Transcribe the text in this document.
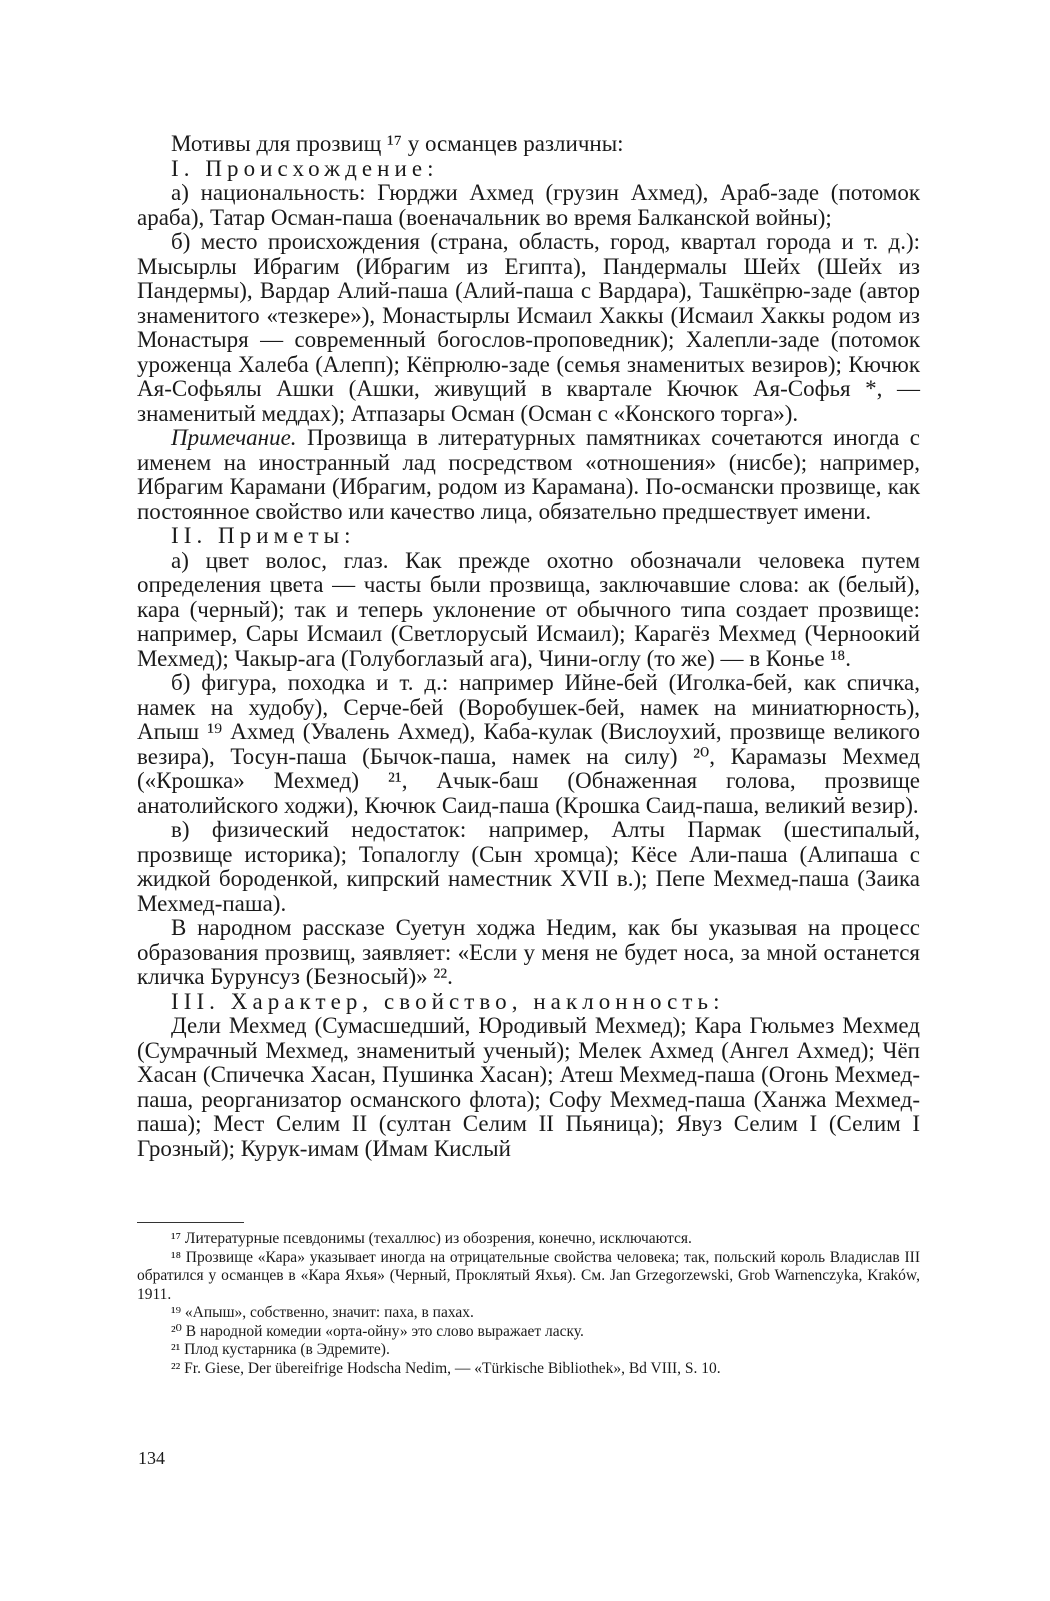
Мотивы для прозвищ ¹⁷ у османцев различны:

I. Происхождение:

а) национальность: Гюрджи Ахмед (грузин Ахмед), Араб-заде (потомок араба), Татар Осман-паша (военачальник во время Балканской войны);

б) место происхождения (страна, область, город, квартал города и т. д.): Мысырлы Ибрагим (Ибрагим из Египта), Пандермалы Шейх (Шейх из Пандермы), Вардар Алий-паша (Алий-паша с Вардара), Ташкёпрю-заде (автор знаменитого «тезкере»), Монастырлы Исмаил Хаккы (Исмаил Хаккы родом из Монастыря — современный богослов-проповедник); Халепли-заде (потомок уроженца Халеба (Алепп); Кёпрюлю-заде (семья знаменитых везиров); Кючюк Ая-Софьялы Ашки (Ашки, живущий в квартале Кючюк Ая-Софья *, — знаменитый меддах); Атпазары Осман (Осман с «Конского торга»).

Примечание. Прозвища в литературных памятниках сочетаются иногда с именем на иностранный лад посредством «отношения» (нисбе); например, Ибрагим Карамани (Ибрагим, родом из Карамана). По-османски прозвище, как постоянное свойство или качество лица, обязательно предшествует имени.

II. Приметы:

а) цвет волос, глаз. Как прежде охотно обозначали человека путем определения цвета — часты были прозвища, заключавшие слова: ак (белый), кара (черный); так и теперь уклонение от обычного типа создает прозвище: например, Сары Исмаил (Светлорусый Исмаил); Карагёз Мехмед (Черноокий Мехмед); Чакыр-ага (Голубоглазый ага), Чини-оглу (то же) — в Конье ¹⁸.

б) фигура, походка и т. д.: например Ийне-бей (Иголка-бей, как спичка, намек на худобу), Серче-бей (Воробушек-бей, намек на миниатюрность), Апыш ¹⁹ Ахмед (Увалень Ахмед), Каба-кулак (Вислоухий, прозвище великого везира), Тосун-паша (Бычок-паша, намек на силу) ²⁰, Карамазы Мехмед («Крошка» Мехмед) ²¹, Ачык-баш (Обнаженная голова, прозвище анатолийского ходжи), Кючюк Саид-паша (Крошка Саид-паша, великий везир).

в) физический недостаток: например, Алты Пармак (шестипалый, прозвище историка); Топалоглу (Сын хромца); Кёсе Али-паша (Алипаша с жидкой бороденкой, кипрский наместник XVII в.); Пепе Мехмед-паша (Заика Мехмед-паша).

В народном рассказе Суетун ходжа Недим, как бы указывая на процесс образования прозвищ, заявляет: «Если у меня не будет носа, за мной останется кличка Бурунсуз (Безносый)» ²².

III. Характер, свойство, наклонность:

Дели Мехмед (Сумасшедший, Юродивый Мехмед); Кара Гюльмез Мехмед (Сумрачный Мехмед, знаменитый ученый); Мелек Ахмед (Ангел Ахмед); Чёп Хасан (Спичечка Хасан, Пушинка Хасан); Атеш Мехмед-паша (Огонь Мехмед-паша, реорганизатор османского флота); Софу Мехмед-паша (Ханжа Мехмед-паша); Мест Селим II (султан Селим II Пьяница); Явуз Селим I (Селим I Грозный); Курук-имам (Имам Кислый

¹⁷ Литературные псевдонимы (техаллюс) из обозрения, конечно, исключаются.

¹⁸ Прозвище «Кара» указывает иногда на отрицательные свойства человека; так, польский король Владислав III обратился у османцев в «Кара Яхья» (Черный, Проклятый Яхья). См. Jan Grzegorzewski, Grob Warnenczyka, Kraków, 1911.

¹⁹ «Апыш», собственно, значит: паха, в пахах.

²⁰ В народной комедии «орта-ойну» это слово выражает ласку.

²¹ Плод кустарника (в Эдремите).

²² Fr. Giese, Der übereifrige Hodscha Nedim, — «Türkische Bibliothek», Bd VIII, S. 10.

134
